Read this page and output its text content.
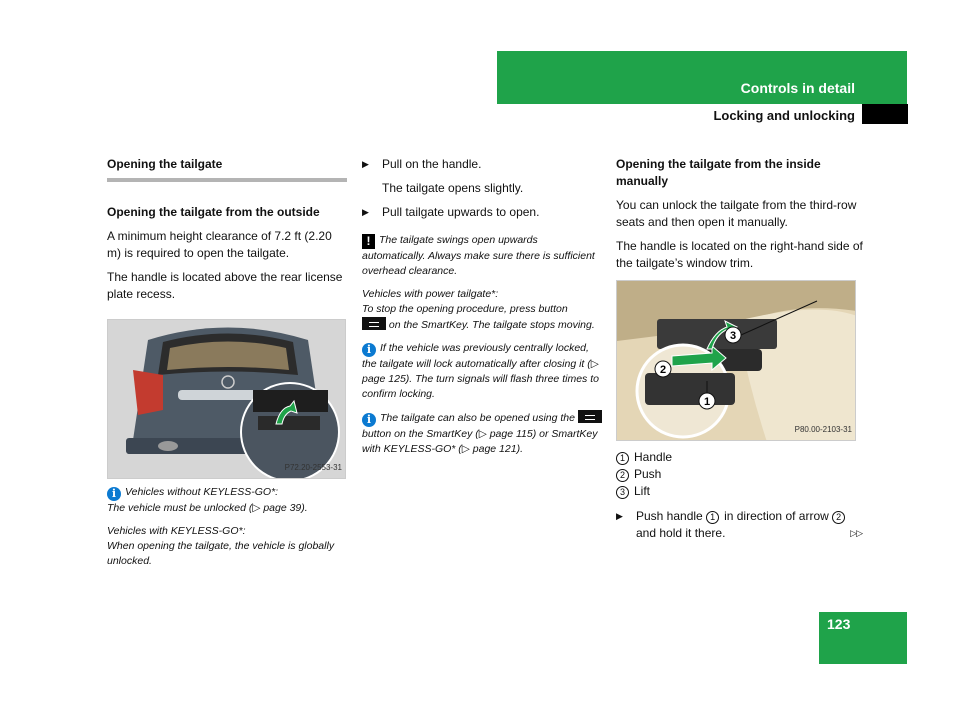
Controls in detail
Locking and unlocking
Opening the tailgate
Opening the tailgate from the outside
A minimum height clearance of 7.2 ft (2.20 m) is required to open the tailgate.
The handle is located above the rear license plate recess.
P72.20-2553-31
i Vehicles without KEYLESS-GO*:
The vehicle must be unlocked (▷ page 39).
Vehicles with KEYLESS-GO*:
When opening the tailgate, the vehicle is globally unlocked.
▶ Pull on the handle.
The tailgate opens slightly.
▶ Pull tailgate upwards to open.
! The tailgate swings open upwards automatically. Always make sure there is sufficient overhead clearance.
Vehicles with power tailgate*:
To stop the opening procedure, press button
on the SmartKey. The tailgate stops moving.
i If the vehicle was previously centrally locked, the tailgate will lock automatically after closing it (▷ page 125). The turn signals will flash three times to confirm locking.
i The tailgate can also be opened using the  button on the SmartKey (▷ page 115) or SmartKey with KEYLESS-GO* (▷ page 121).
Opening the tailgate from the inside manually
You can unlock the tailgate from the third-row seats and then open it manually.
The handle is located on the right-hand side of the tailgate’s window trim.
3
2
1
P80.00-2103-31
1 Handle
2 Push
3 Lift
▶ Push handle 1 in direction of arrow 2and hold it there.	▷▷
123
